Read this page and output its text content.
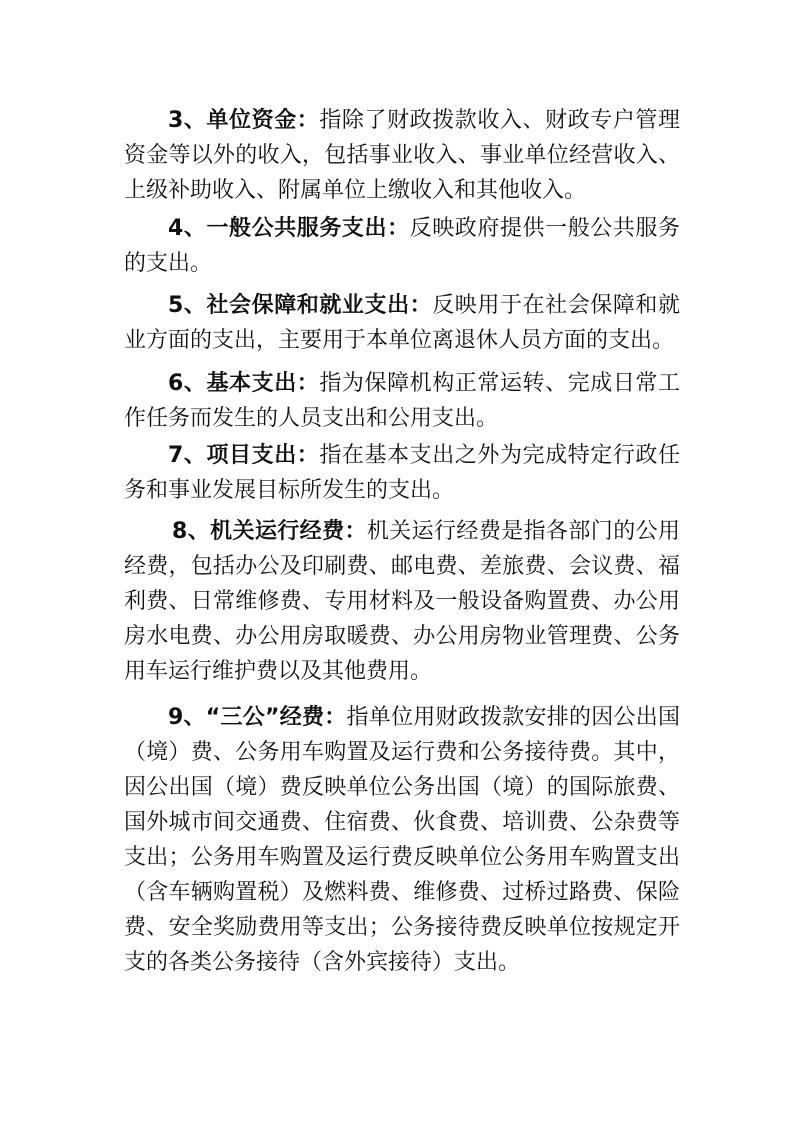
3、单位资金：指除了财政拨款收入、财政专户管理资金等以外的收入，包括事业收入、事业单位经营收入、上级补助收入、附属单位上缴收入和其他收入。

4、一般公共服务支出：反映政府提供一般公共服务的支出。

5、社会保障和就业支出：反映用于在社会保障和就业方面的支出，主要用于本单位离退休人员方面的支出。

6、基本支出：指为保障机构正常运转、完成日常工作任务而发生的人员支出和公用支出。

7、项目支出：指在基本支出之外为完成特定行政任务和事业发展目标所发生的支出。

8、机关运行经费：机关运行经费是指各部门的公用经费，包括办公及印刷费、邮电费、差旅费、会议费、福利费、日常维修费、专用材料及一般设备购置费、办公用房水电费、办公用房取暖费、办公用房物业管理费、公务用车运行维护费以及其他费用。

9、“三公”经费：指单位用财政拨款安排的因公出国（境）费、公务用车购置及运行费和公务接待费。其中，因公出国（境）费反映单位公务出国（境）的国际旅费、国外城市间交通费、住宿费、伙食费、培训费、公杂费等支出；公务用车购置及运行费反映单位公务用车购置支出（含车辆购置税）及燃料费、维修费、过桥过路费、保险费、安全奖励费用等支出；公务接待费反映单位按规定开支的各类公务接待（含外宾接待）支出。
